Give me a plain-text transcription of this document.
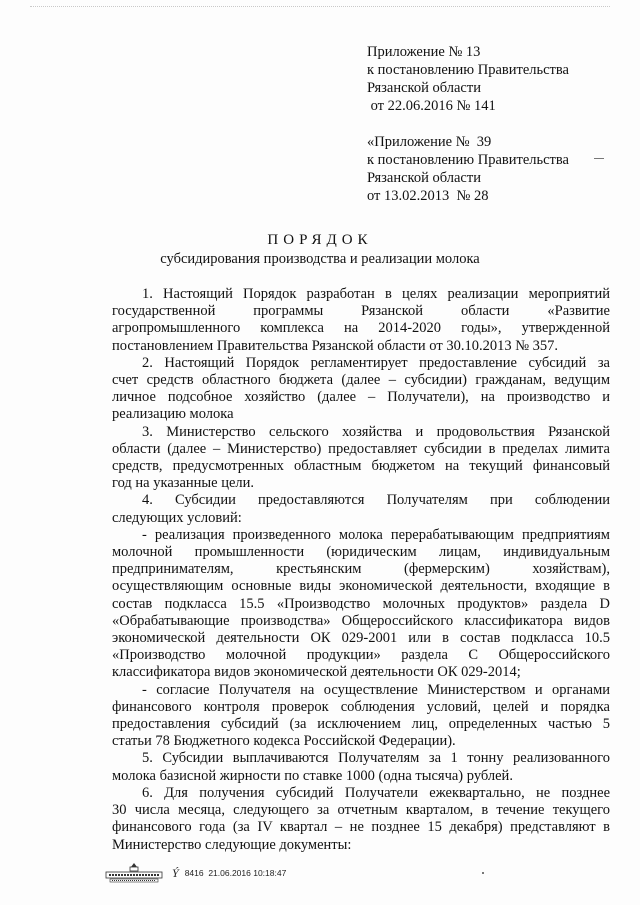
Приложение № 13
к постановлению Правительства
Рязанской области
от 22.06.2016 № 141
«Приложение №  39
к постановлению Правительства
Рязанской области
от 13.02.2013  № 28
ПОРЯДОК
субсидирования производства и реализации молока

1. Настоящий Порядок разработан в целях реализации мероприятий
государственной программы Рязанской области «Развитие
агропромышленного комплекса на 2014-2020 годы», утвержденной
постановлением Правительства Рязанской области от 30.10.2013 № 357.

2. Настоящий Порядок регламентирует предоставление субсидий за
счет средств областного бюджета (далее – субсидии) гражданам, ведущим
личное подсобное хозяйство (далее – Получатели), на производство и
реализацию молока

3. Министерство сельского хозяйства и продовольствия Рязанской
области (далее – Министерство) предоставляет субсидии в пределах лимита
средств, предусмотренных областным бюджетом на текущий финансовый
год на указанные цели.

4. Субсидии предоставляются Получателям при соблюдении
следующих условий:

- реализация произведенного молока перерабатывающим предприятиям
молочной промышленности (юридическим лицам, индивидуальным
предпринимателям, крестьянским (фермерским) хозяйствам),
осуществляющим основные виды экономической деятельности, входящие в
состав подкласса 15.5 «Производство молочных продуктов» раздела D
«Обрабатывающие производства» Общероссийского классификатора видов
экономической деятельности ОК 029-2001 или в состав подкласса 10.5
«Производство молочной продукции» раздела С Общероссийского
классификатора видов экономической деятельности ОК 029-2014;

- согласие Получателя на осуществление Министерством и органами
финансового контроля проверок соблюдения условий, целей и порядка
предоставления субсидий (за исключением лиц, определенных частью 5
статьи 78 Бюджетного кодекса Российской Федерации).

5. Субсидии выплачиваются Получателям за 1 тонну реализованного
молока базисной жирности по ставке 1000 (одна тысяча) рублей.

6. Для получения субсидий Получатели ежеквартально, не позднее
30 числа месяца, следующего за отчетным кварталом, в течение текущего
финансового года (за IV квартал – не позднее 15 декабря) представляют в
Министерство следующие документы:

Ý 8416  21.06.2016 10:18:47
